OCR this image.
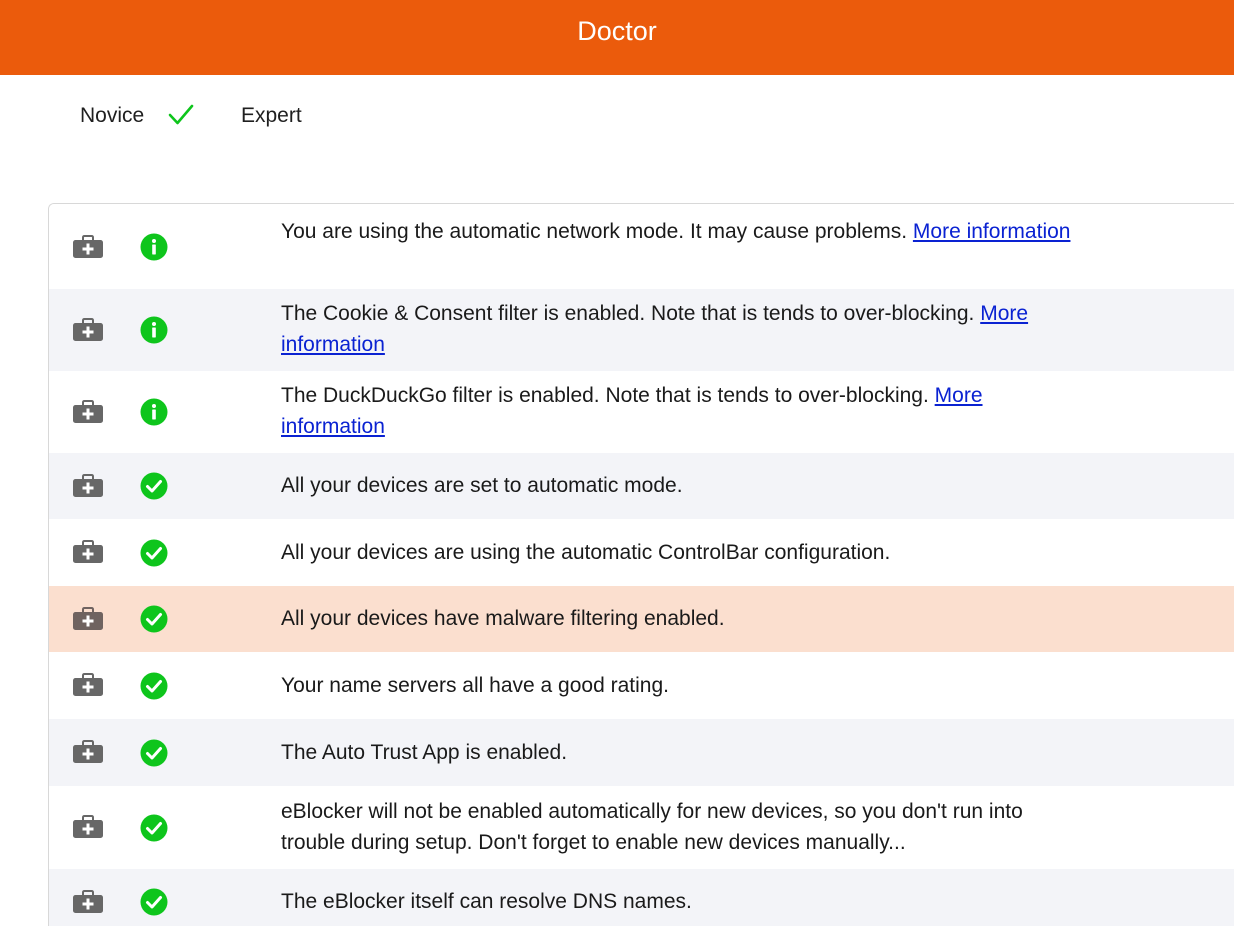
Doctor
Novice	Expert
You are using the automatic network mode. It may cause problems. More information
The Cookie & Consent filter is enabled. Note that is tends to over-blocking. More information
The DuckDuckGo filter is enabled. Note that is tends to over-blocking. More information
All your devices are set to automatic mode.
All your devices are using the automatic ControlBar configuration.
All your devices have malware filtering enabled.
Your name servers all have a good rating.
The Auto Trust App is enabled.
eBlocker will not be enabled automatically for new devices, so you don't run into trouble during setup. Don't forget to enable new devices manually...
The eBlocker itself can resolve DNS names.
